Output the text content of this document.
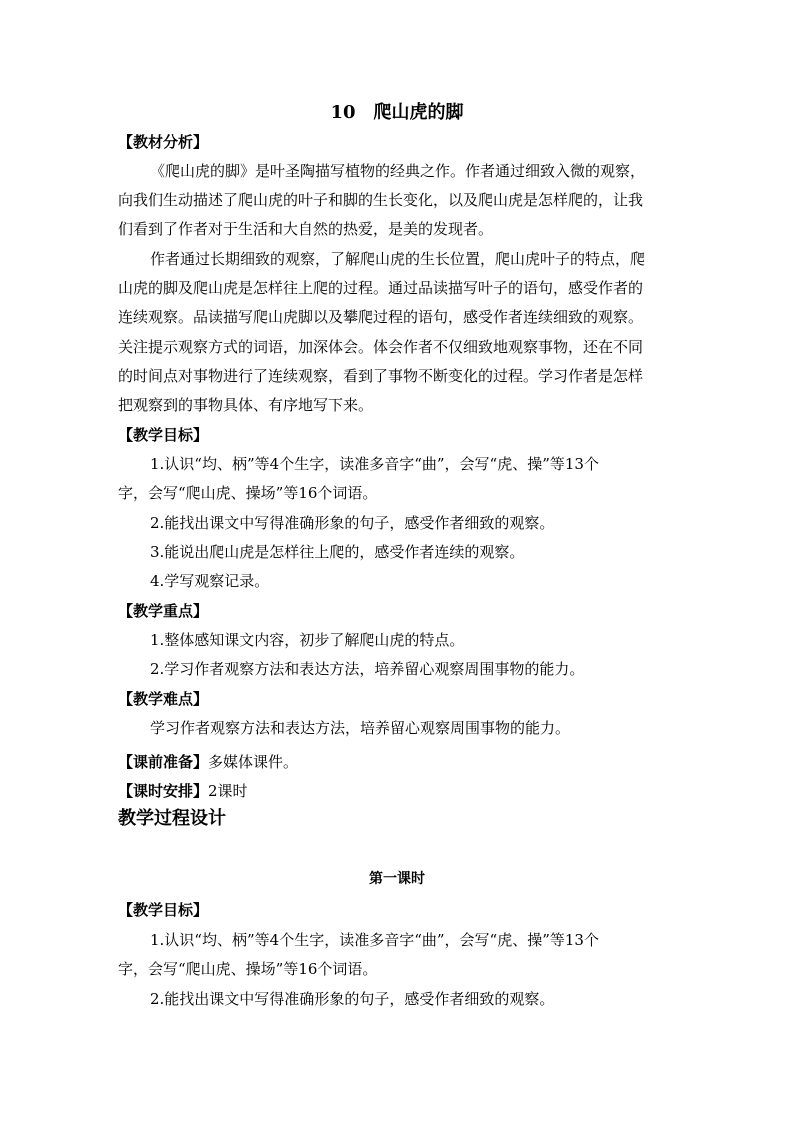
10　爬山虎的脚
【教材分析】
《爬山虎的脚》是叶圣陶描写植物的经典之作。作者通过细致入微的观察，
向我们生动描述了爬山虎的叶子和脚的生长变化，以及爬山虎是怎样爬的，让我
们看到了作者对于生活和大自然的热爱，是美的发现者。
作者通过长期细致的观察，了解爬山虎的生长位置，爬山虎叶子的特点，爬
山虎的脚及爬山虎是怎样往上爬的过程。通过品读描写叶子的语句，感受作者的
连续观察。品读描写爬山虎脚以及攀爬过程的语句，感受作者连续细致的观察。
关注提示观察方式的词语，加深体会。体会作者不仅细致地观察事物，还在不同
的时间点对事物进行了连续观察，看到了事物不断变化的过程。学习作者是怎样
把观察到的事物具体、有序地写下来。
【教学目标】
1.认识“均、柄”等4个生字，读准多音字“曲”，会写“虎、操”等13个
字，会写“爬山虎、操场”等16个词语。
2.能找出课文中写得准确形象的句子，感受作者细致的观察。
3.能说出爬山虎是怎样往上爬的，感受作者连续的观察。
4.学写观察记录。
【教学重点】
1.整体感知课文内容，初步了解爬山虎的特点。
2.学习作者观察方法和表达方法，培养留心观察周围事物的能力。
【教学难点】
学习作者观察方法和表达方法，培养留心观察周围事物的能力。
【课前准备】多媒体课件。
【课时安排】2课时
教学过程设计
第一课时
【教学目标】
1.认识“均、柄”等4个生字，读准多音字“曲”，会写“虎、操”等13个
字，会写“爬山虎、操场”等16个词语。
2.能找出课文中写得准确形象的句子，感受作者细致的观察。
